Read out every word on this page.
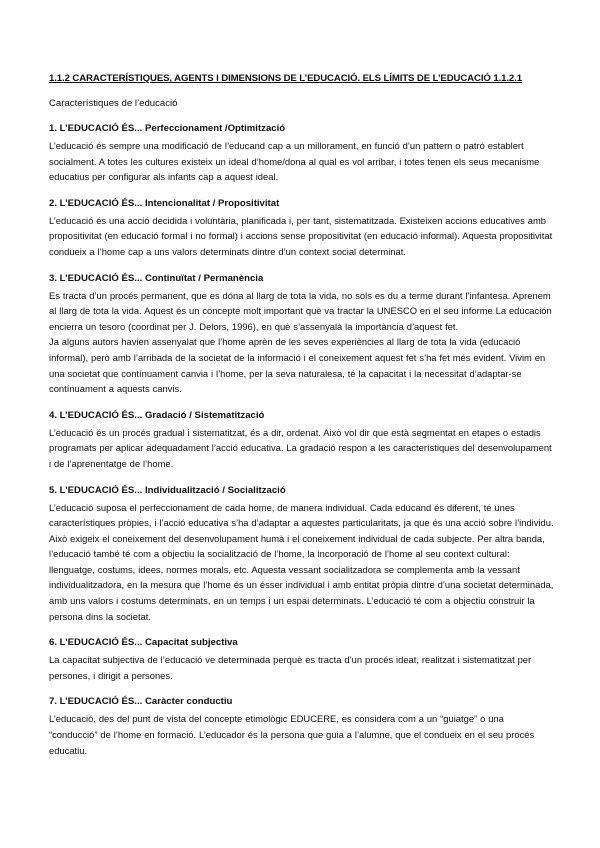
1.1.2 CARACTERÍSTIQUES, AGENTS I DIMENSIONS DE L’EDUCACIÓ. ELS LÍMITS DE L’EDUCACIÓ 1.1.2.1
Característiques de l’educació
1. L’EDUCACIÓ ÉS... Perfeccionament /Optimització

L’educació és sempre una modificació de l’educand cap a un millorament, en funció d’un pattern o patró establert socialment. A totes les cultures existeix un ideal d’home/dona al qual es vol arribar, i totes tenen els seus mecanisme educatius per configurar als infants cap a aquest ideal.

2. L’EDUCACIÓ ÉS... Intencionalitat / Propositivitat

L’educació és una acció decidida i voluntària, planificada i, per tant, sistematitzada. Existeixen accions educatives amb propositivitat (en educació formal i no formal) i accions sense propositivitat (en educació informal). Aquesta propositivitat condueix a l’home cap a uns valors determinats dintre d’un context social determinat.

3. L’EDUCACIÓ ÉS... Continuïtat / Permanència

Es tracta d’un procés permanent, que es dóna al llarg de tota la vida, no sols es du a terme durant l’infantesa. Aprenem al llarg de tota la vida. Aquest és un concepte molt important què va tractar la UNESCO en el seu informe La educación encierra un tesoro (coordinat per J. Delors, 1996), en què s’assenyalà la importància d’aquest fet.

Ja alguns autors havien assenyalat que l’home aprèn de les seves experiències al llarg de tota la vida (educació informal), però amb l’arribada de la societat de la informació i el coneixement aquest fet s’ha fet més evident. Vivim en una societat que contínuament canvia i l’home, per la seva naturalesa, té la capacitat i la necessitat d’adaptar-se contínuament a aquests canvis.

4. L’EDUCACIÓ ÉS... Gradació / Sistematització

L’educació és un procés gradual i sistematitzat, és a dir, ordenat. Això vol dir que està segmentat en etapes o estadis programats per aplicar adequadament l’acció educativa. La gradació respon a les característiques del desenvolupament i de l’aprenentatge de l’home.

5. L’EDUCACIÓ ÉS... Individualització / Socialització

L’educació suposa el perfeccionament de cada home, de manera individual. Cada educand és diferent, té unes característiques pròpies, i l’acció educativa s’ha d’adaptar a aquestes particularitats, ja que és una acció sobre l’individu. Això exigeix el coneixement del desenvolupament humà i el coneixement individual de cada subjecte. Per altra banda, l’educació també té com a objectiu la socialització de l’home, la incorporació de l’home al seu context cultural: llenguatge, costums, idees, normes morals, etc. Aquesta vessant socialitzadora se complementa amb la vessant individualitzadora, en la mesura que l’home és un ésser individual i amb entitat pròpia dintre d’una societat determinada, amb uns valors i costums determinats, en un temps i un espai determinats. L’educació té com a objectiu construir la persona dins la societat.

6. L’EDUCACIÓ ÉS... Capacitat subjectiva

La capacitat subjectiva de l’educació ve determinada perquè es tracta d’un procés ideat, realitzat i sistematitzat per persones, i dirigit a persones.

7. L’EDUCACIÓ ÉS... Caràcter conductiu

L’educació, des del punt de vista del concepte etimològic EDUCERE, es considera com a un “guiatge” o una “conducció” de l’home en formació. L’educador és la persona que guia a l’alumne, que el condueix en el seu procés educatiu.
